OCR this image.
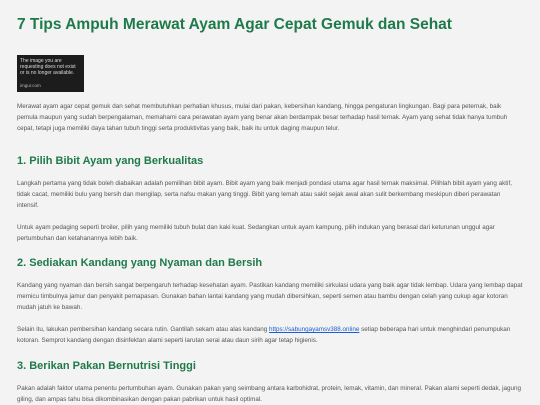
7 Tips Ampuh Merawat Ayam Agar Cepat Gemuk dan Sehat
The image you are requesting does not exist or is no longer available.
imgur.com

Merawat ayam agar cepat gemuk dan sehat membutuhkan perhatian khusus, mulai dari pakan, kebersihan kandang, hingga pengaturan lingkungan. Bagi para peternak, baik pemula maupun yang sudah berpengalaman, memahami cara perawatan ayam yang benar akan berdampak besar terhadap hasil ternak. Ayam yang sehat tidak hanya tumbuh cepat, tetapi juga memiliki daya tahan tubuh tinggi serta produktivitas yang baik, baik itu untuk daging maupun telur.

1. Pilih Bibit Ayam yang Berkualitas

Langkah pertama yang tidak boleh diabaikan adalah pemilihan bibit ayam. Bibit ayam yang baik menjadi pondasi utama agar hasil ternak maksimal. Pilihlah bibit ayam yang aktif, tidak cacat, memiliki bulu yang bersih dan mengilap, serta nafsu makan yang tinggi. Bibit yang lemah atau sakit sejak awal akan sulit berkembang meskipun diberi perawatan intensif.

Untuk ayam pedaging seperti broiler, pilih yang memiliki tubuh bulat dan kaki kuat. Sedangkan untuk ayam kampung, pilih indukan yang berasal dari keturunan unggul agar pertumbuhan dan ketahanannya lebih baik.

2. Sediakan Kandang yang Nyaman dan Bersih

Kandang yang nyaman dan bersih sangat berpengaruh terhadap kesehatan ayam. Pastikan kandang memiliki sirkulasi udara yang baik agar tidak lembap. Udara yang lembap dapat memicu timbulnya jamur dan penyakit pernapasan. Gunakan bahan lantai kandang yang mudah dibersihkan, seperti semen atau bambu dengan celah yang cukup agar kotoran mudah jatuh ke bawah.

Selain itu, lakukan pembersihan kandang secara rutin. Gantilah sekam atau alas kandang https://sabungayamsv388.online setiap beberapa hari untuk menghindari penumpukan kotoran. Semprot kandang dengan disinfektan alami seperti larutan serai atau daun sirih agar tetap higienis.

3. Berikan Pakan Bernutrisi Tinggi

Pakan adalah faktor utama penentu pertumbuhan ayam. Gunakan pakan yang seimbang antara karbohidrat, protein, lemak, vitamin, dan mineral. Pakan alami seperti dedak, jagung giling, dan ampas tahu bisa dikombinasikan dengan pakan pabrikan untuk hasil optimal.
